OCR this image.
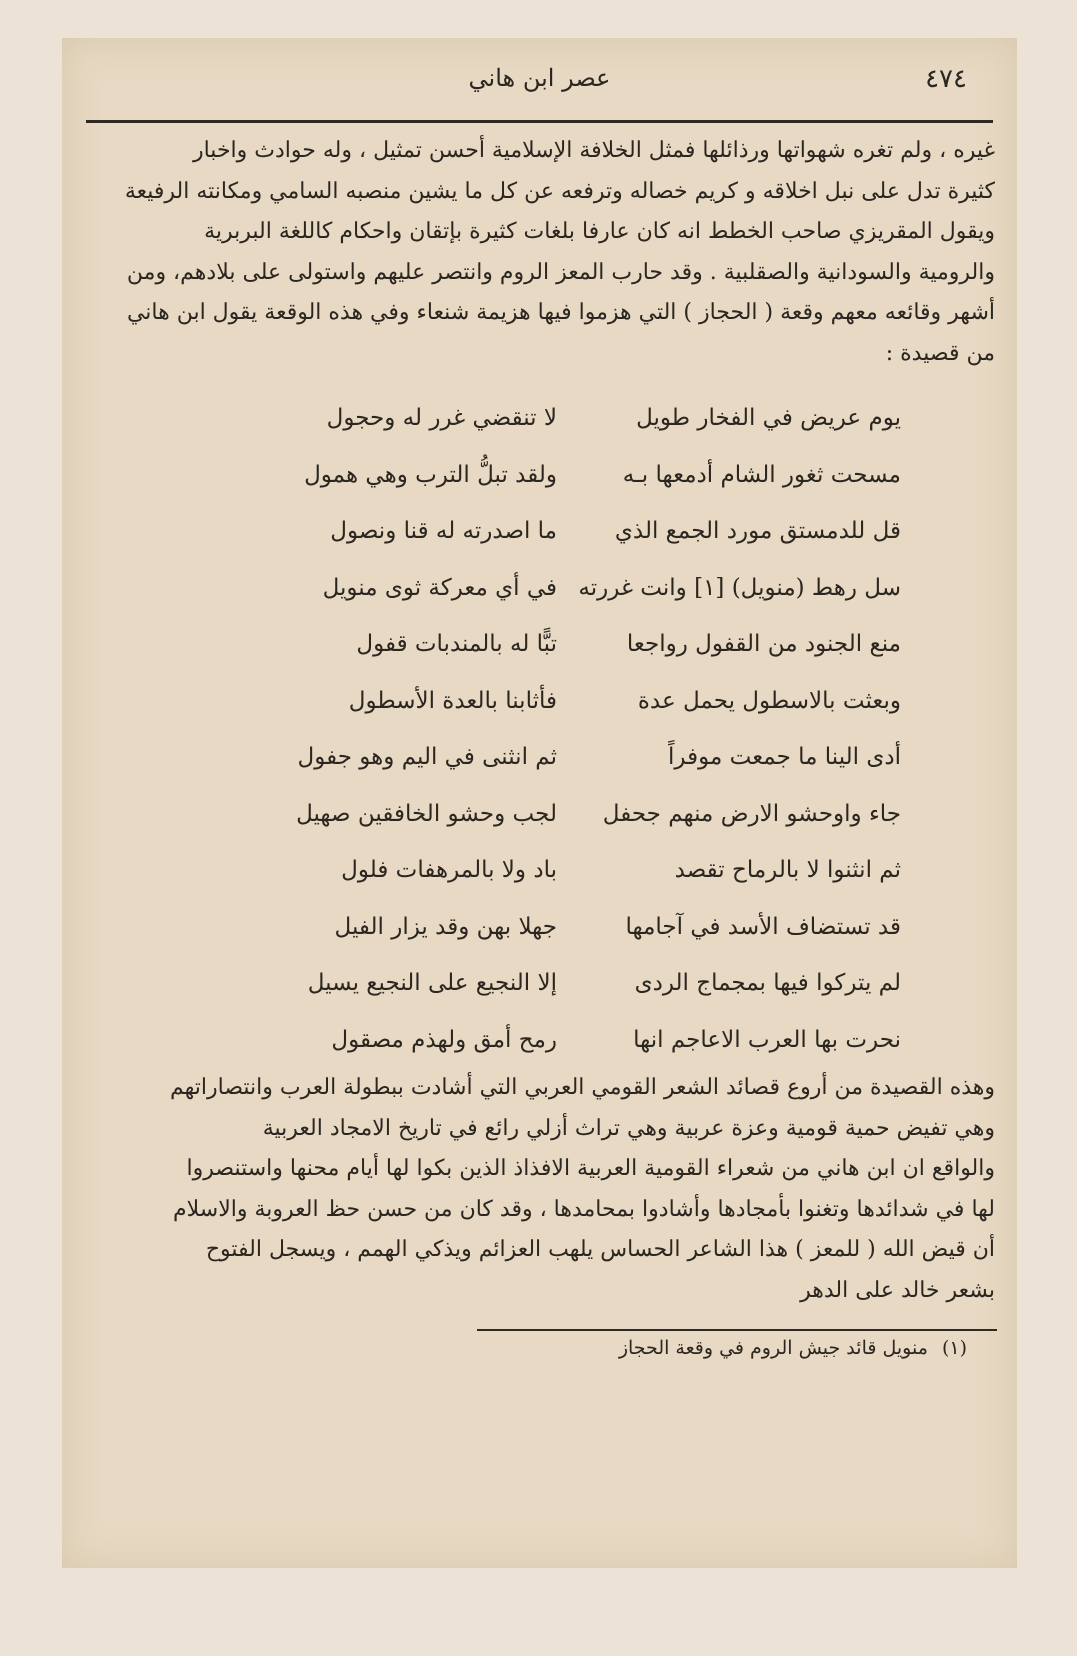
٤٧٤
عصر ابن هاني
غيره ، ولم تغره شهواتها ورذائلها فمثل الخلافة الإسلامية أحسن تمثيل ، وله حوادث واخبار
كثيرة تدل على نبل اخلاقه و كريم خصاله وترفعه عن كل ما يشين منصبه السامي ومكانته الرفيعة
ويقول المقريزي صاحب الخطط انه كان عارفا بلغات كثيرة بإتقان واحكام كاللغة البربرية
والرومية والسودانية والصقلبية . وقد حارب المعز الروم وانتصر عليهم واستولى على بلادهم، ومن
أشهر وقائعه معهم وقعة ( الحجاز ) التي هزموا فيها هزيمة شنعاء وفي هذه الوقعة يقول ابن هاني
من قصيدة :
يوم عريض في الفخار طويل
لا تنقضي غرر له وحجول
مسحت ثغور الشام أدمعها بـه
ولقد تبلُّ الترب وهي همول
قل للدمستق مورد الجمع الذي
ما اصدرته له قنا ونصول
سل رهط (منويل) [١] وانت غررته
في أي معركة ثوى منويل
منع الجنود من القفول رواجعا
تبًّا له بالمندبات قفول
وبعثت بالاسطول يحمل عدة
فأثابنا بالعدة الأسطول
أدى الينا ما جمعت موفراً
ثم انثنى في اليم وهو جفول
جاء واوحشو الارض منهم جحفل
لجب وحشو الخافقين صهيل
ثم انثنوا لا بالرماح تقصد
باد ولا بالمرهفات فلول
قد تستضاف الأسد في آجامها
جهلا بهن وقد يزار الفيل
لم يتركوا فيها بمجماج الردى
إلا النجيع على النجيع يسيل
نحرت بها العرب الاعاجم انها
رمح أمق ولهذم مصقول
وهذه القصيدة من أروع قصائد الشعر القومي العربي التي أشادت ببطولة العرب وانتصاراتهم
وهي تفيض حمية قومية وعزة عربية وهي تراث أزلي رائع في تاريخ الامجاد العربية
والواقع ان ابن هاني من شعراء القومية العربية الافذاذ الذين بكوا لها أيام محنها واستنصروا
لها في شدائدها وتغنوا بأمجادها وأشادوا بمحامدها ، وقد كان من حسن حظ العروبة والاسلام
أن قيض الله ( للمعز ) هذا الشاعر الحساس يلهب العزائم ويذكي الهمم ، ويسجل الفتوح
بشعر خالد على الدهر
(١) منويل قائد جيش الروم في وقعة الحجاز
